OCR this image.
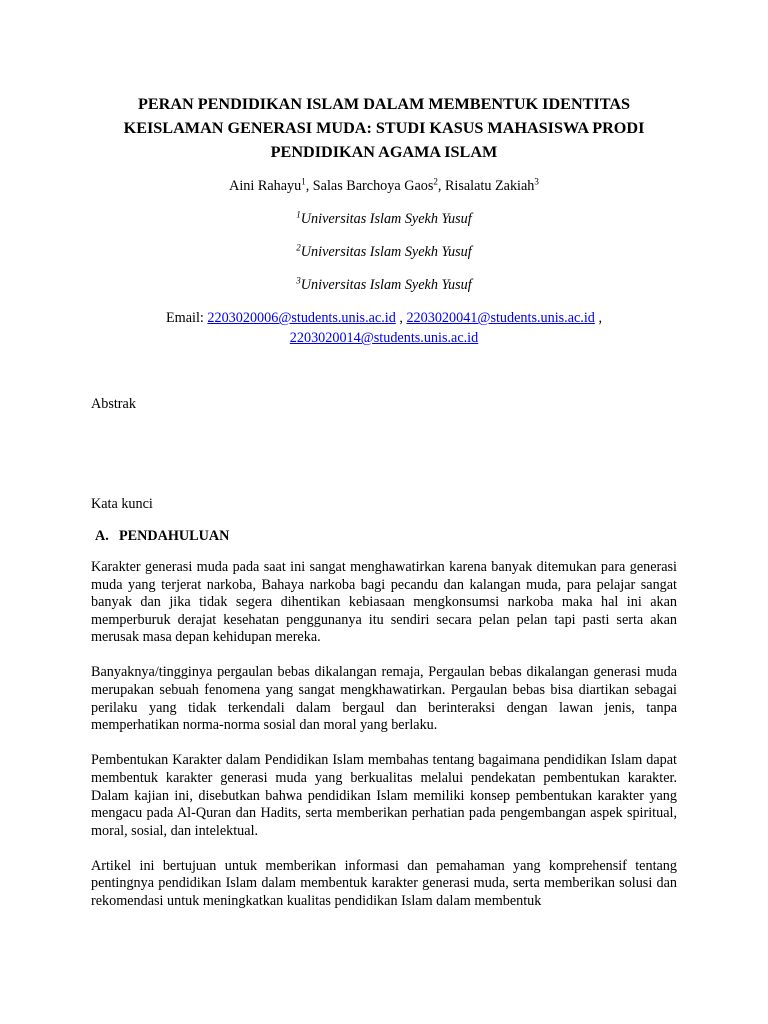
PERAN PENDIDIKAN ISLAM DALAM MEMBENTUK IDENTITAS
KEISLAMAN GENERASI MUDA: STUDI KASUS MAHASISWA PRODI
PENDIDIKAN AGAMA ISLAM
Aini Rahayu$^1$, Salas Barchoya Gaos$^2$, Risalatu Zakiah$^3$
$^1$Universitas Islam Syekh Yusuf
$^2$Universitas Islam Syekh Yusuf
$^3$Universitas Islam Syekh Yusuf
Email: 2203020006@students.unis.ac.id , 2203020041@students.unis.ac.id ,
2203020014@students.unis.ac.id
Abstrak
Kata kunci
A. PENDAHULUAN

Karakter generasi muda pada saat ini sangat menghawatirkan karena banyak ditemukan para generasi muda yang terjerat narkoba, Bahaya narkoba bagi pecandu dan kalangan muda, para pelajar sangat banyak dan jika tidak segera dihentikan kebiasaan mengkonsumsi narkoba maka hal ini akan memperburuk derajat kesehatan penggunanya itu sendiri secara pelan pelan tapi pasti serta akan merusak masa depan kehidupan mereka.

Banyaknya/tingginya pergaulan bebas dikalangan remaja, Pergaulan bebas dikalangan generasi muda merupakan sebuah fenomena yang sangat mengkhawatirkan. Pergaulan bebas bisa diartikan sebagai perilaku yang tidak terkendali dalam bergaul dan berinteraksi dengan lawan jenis, tanpa memperhatikan norma-norma sosial dan moral yang berlaku.

Pembentukan Karakter dalam Pendidikan Islam membahas tentang bagaimana pendidikan Islam dapat membentuk karakter generasi muda yang berkualitas melalui pendekatan pembentukan karakter. Dalam kajian ini, disebutkan bahwa pendidikan Islam memiliki konsep pembentukan karakter yang mengacu pada Al-Quran dan Hadits, serta memberikan perhatian pada pengembangan aspek spiritual, moral, sosial, dan intelektual.

Artikel ini bertujuan untuk memberikan informasi dan pemahaman yang komprehensif tentang pentingnya pendidikan Islam dalam membentuk karakter generasi muda, serta memberikan solusi dan rekomendasi untuk meningkatkan kualitas pendidikan Islam dalam membentuk
